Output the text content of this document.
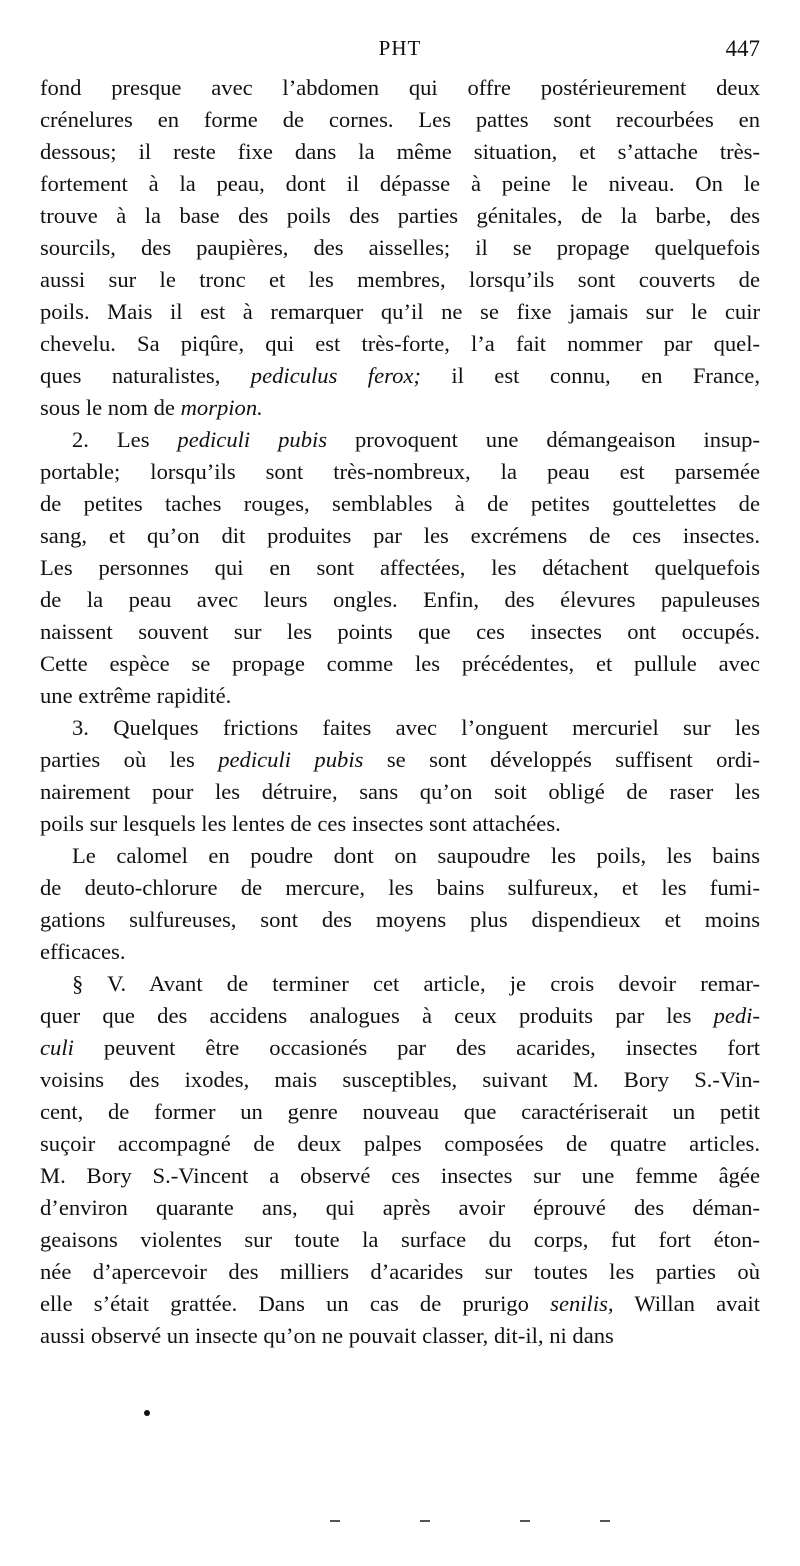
PHT	447

fond presque avec l’abdomen qui offre postérieurement deux
crénelures en forme de cornes. Les pattes sont recourbées en
dessous; il reste fixe dans la même situation, et s’attache très-
fortement à la peau, dont il dépasse à peine le niveau. On le
trouve à la base des poils des parties génitales, de la barbe, des
sourcils, des paupières, des aisselles; il se propage quelquefois
aussi sur le tronc et les membres, lorsqu’ils sont couverts de
poils. Mais il est à remarquer qu’il ne se fixe jamais sur le cuir
chevelu. Sa piqûre, qui est très-forte, l’a fait nommer par quel-
ques naturalistes, pediculus ferox; il est connu, en France,
sous le nom de morpion.

2. Les pediculi pubis provoquent une démangeaison insup-
portable; lorsqu’ils sont très-nombreux, la peau est parsemée
de petites taches rouges, semblables à de petites gouttelettes de
sang, et qu’on dit produites par les excrémens de ces insectes.
Les personnes qui en sont affectées, les détachent quelquefois
de la peau avec leurs ongles. Enfin, des élevures papuleuses
naissent souvent sur les points que ces insectes ont occupés.
Cette espèce se propage comme les précédentes, et pullule avec
une extrême rapidité.

3. Quelques frictions faites avec l’onguent mercuriel sur les
parties où les pediculi pubis se sont développés suffisent ordi-
nairement pour les détruire, sans qu’on soit obligé de raser les
poils sur lesquels les lentes de ces insectes sont attachées.

Le calomel en poudre dont on saupoudre les poils, les bains
de deuto-chlorure de mercure, les bains sulfureux, et les fumi-
gations sulfureuses, sont des moyens plus dispendieux et moins
efficaces.

§ V. Avant de terminer cet article, je crois devoir remar-
quer que des accidens analogues à ceux produits par les pedi-
culi peuvent être occasionés par des acarides, insectes fort
voisins des ixodes, mais susceptibles, suivant M. Bory S.-Vin-
cent, de former un genre nouveau que caractériserait un petit
suçoir accompagné de deux palpes composées de quatre articles.
M. Bory S.-Vincent a observé ces insectes sur une femme âgée
d’environ quarante ans, qui après avoir éprouvé des déman-
geaisons violentes sur toute la surface du corps, fut fort éton-
née d’apercevoir des milliers d’acarides sur toutes les parties où
elle s’était grattée. Dans un cas de prurigo senilis, Willan avait
aussi observé un insecte qu’on ne pouvait classer, dit-il, ni dans
